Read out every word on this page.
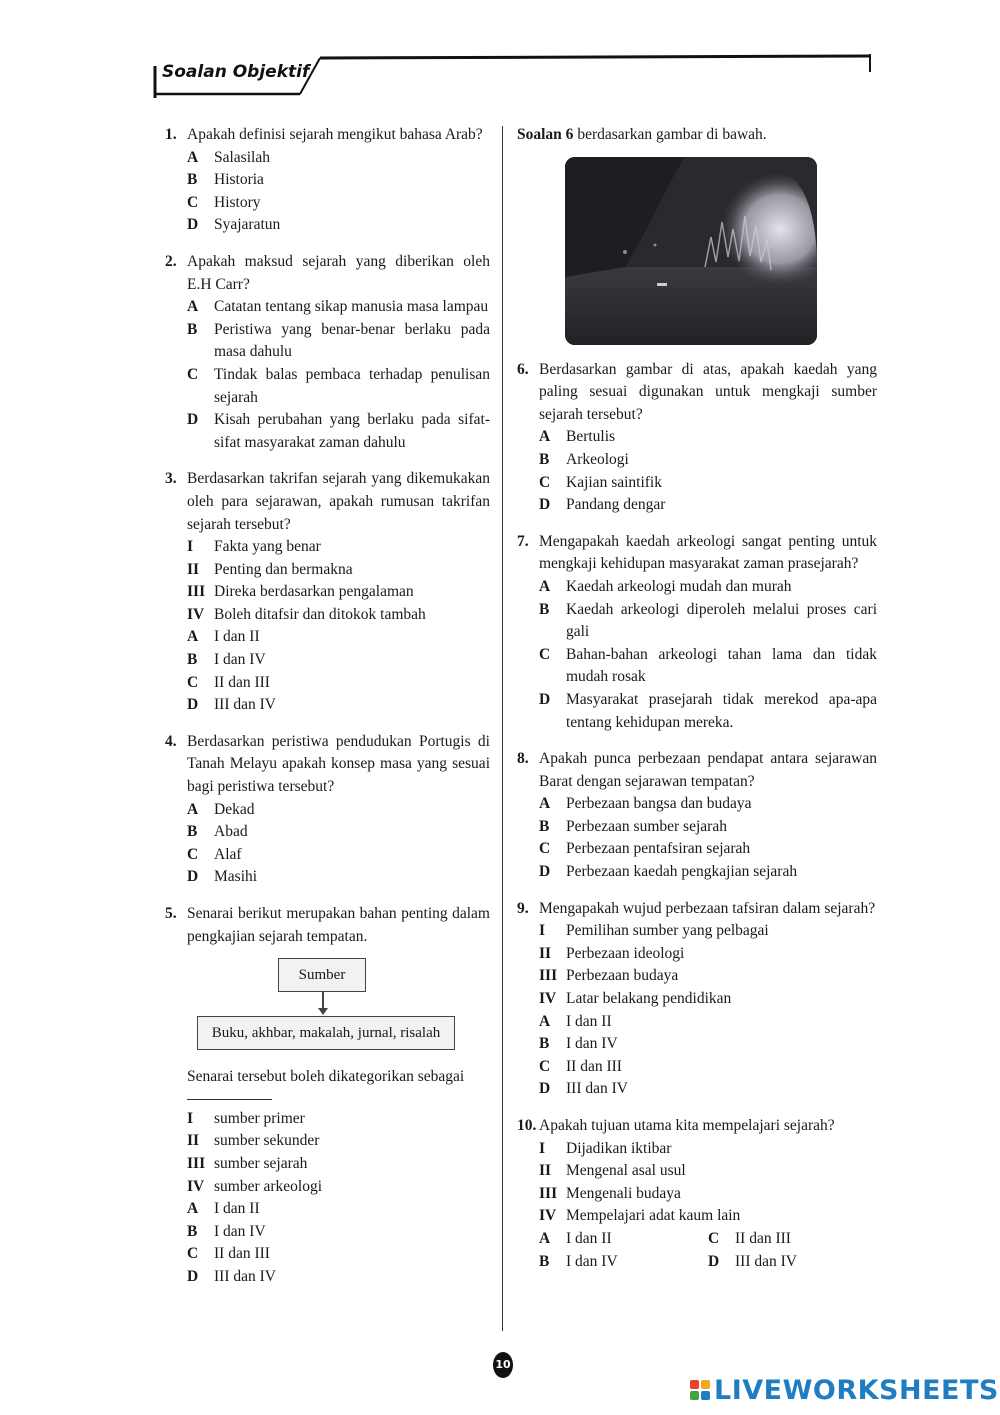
Soalan Objektif
1. Apakah definisi sejarah mengikut bahasa Arab?
A Salasilah
B Historia
C History
D Syajaratun
2. Apakah maksud sejarah yang diberikan oleh E.H Carr?
A Catatan tentang sikap manusia masa lampau
B Peristiwa yang benar-benar berlaku pada masa dahulu
C Tindak balas pembaca terhadap penulisan sejarah
D Kisah perubahan yang berlaku pada sifat-sifat masyarakat zaman dahulu
3. Berdasarkan takrifan sejarah yang dikemukakan oleh para sejarawan, apakah rumusan takrifan sejarah tersebut?
I Fakta yang benar
II Penting dan bermakna
III Direka berdasarkan pengalaman
IV Boleh ditafsir dan ditokok tambah
A I dan II
B I dan IV
C II dan III
D III dan IV
4. Berdasarkan peristiwa pendudukan Portugis di Tanah Melayu apakah konsep masa yang sesuai bagi peristiwa tersebut?
A Dekad
B Abad
C Alaf
D Masihi
5. Senarai berikut merupakan bahan penting dalam pengkajian sejarah tempatan.
Sumber
Buku, akhbar, makalah, jurnal, risalah
Senarai tersebut boleh dikategorikan sebagai
I sumber primer
II sumber sekunder
III sumber sejarah
IV sumber arkeologi
A I dan II
B I dan IV
C II dan III
D III dan IV
Soalan 6 berdasarkan gambar di bawah.
6. Berdasarkan gambar di atas, apakah kaedah yang paling sesuai digunakan untuk mengkaji sumber sejarah tersebut?
A Bertulis
B Arkeologi
C Kajian saintifik
D Pandang dengar
7. Mengapakah kaedah arkeologi sangat penting untuk mengkaji kehidupan masyarakat zaman prasejarah?
A Kaedah arkeologi mudah dan murah
B Kaedah arkeologi diperoleh melalui proses cari gali
C Bahan-bahan arkeologi tahan lama dan tidak mudah rosak
D Masyarakat prasejarah tidak merekod apa-apa tentang kehidupan mereka.
8. Apakah punca perbezaan pendapat antara sejarawan Barat dengan sejarawan tempatan?
A Perbezaan bangsa dan budaya
B Perbezaan sumber sejarah
C Perbezaan pentafsiran sejarah
D Perbezaan kaedah pengkajian sejarah
9. Mengapakah wujud perbezaan tafsiran dalam sejarah?
I Pemilihan sumber yang pelbagai
II Perbezaan ideologi
III Perbezaan budaya
IV Latar belakang pendidikan
A I dan II
B I dan IV
C II dan III
D III dan IV
10. Apakah tujuan utama kita mempelajari sejarah?
I Dijadikan iktibar
II Mengenal asal usul
III Mengenali budaya
IV Mempelajari adat kaum lain
A I dan II	C II dan III
B I dan IV	D III dan IV
10
LIVEWORKSHEETS
